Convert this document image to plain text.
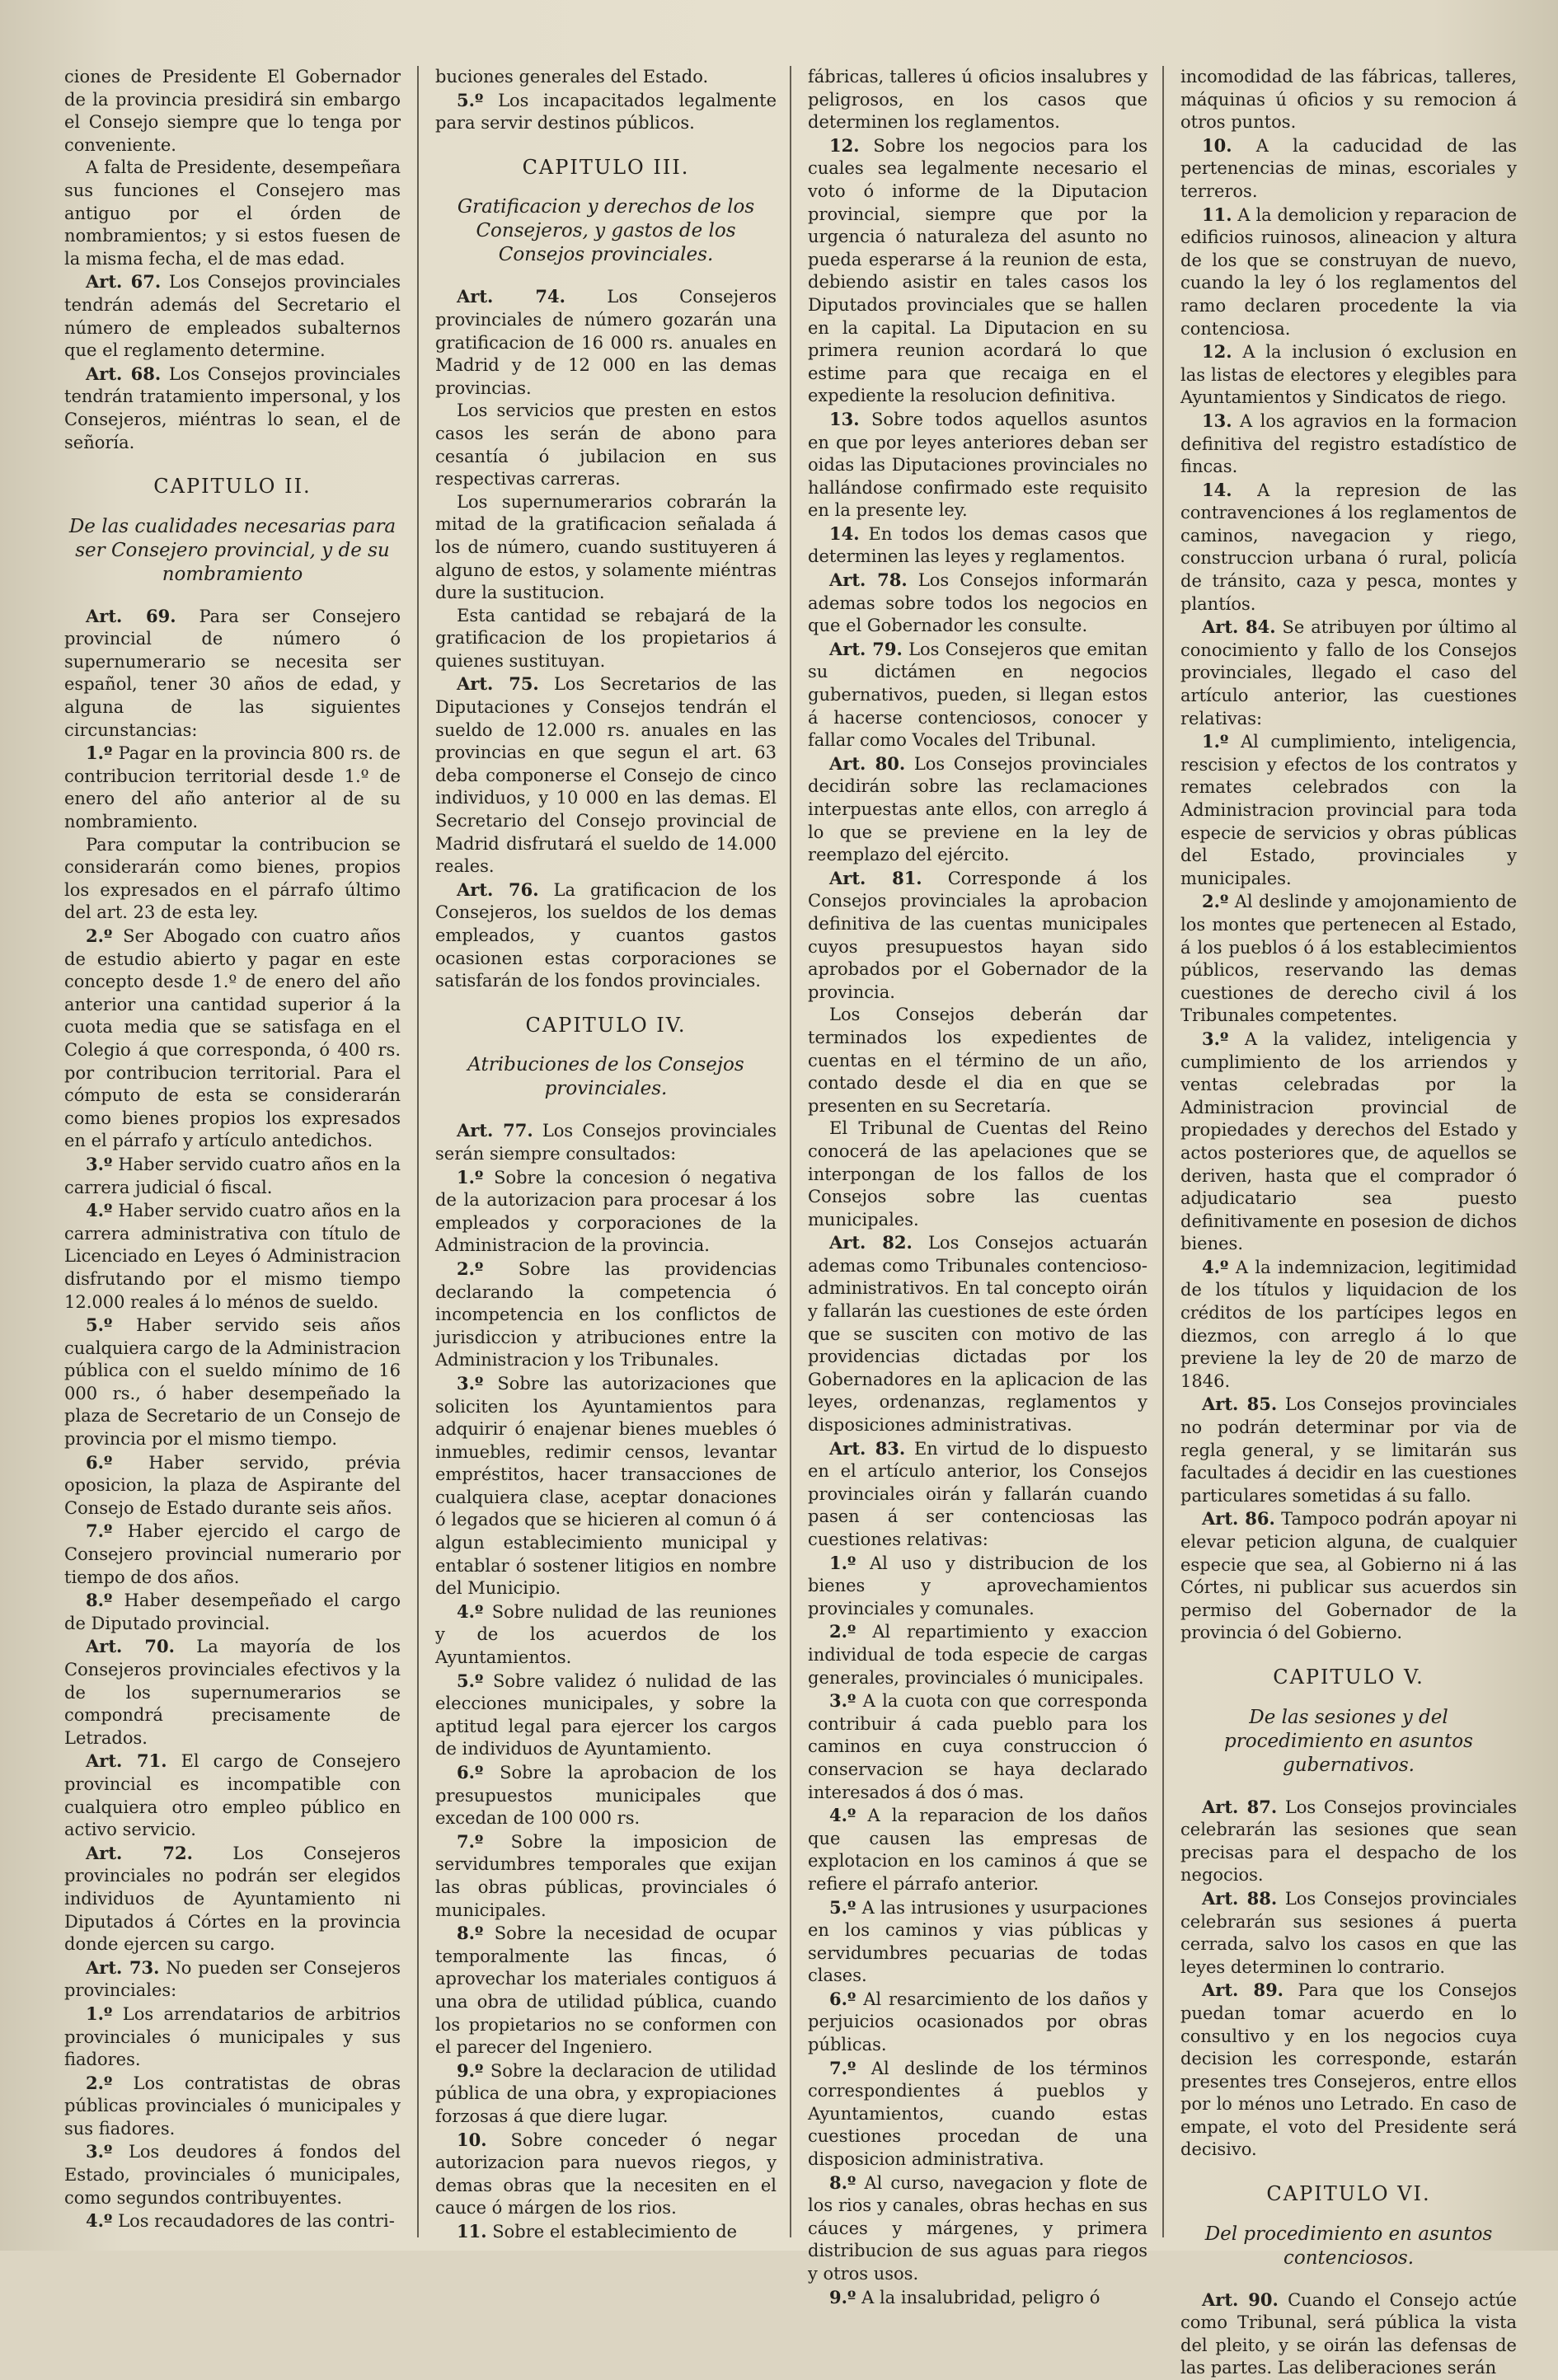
ciones de Presidente El Gobernador de la provincia presidirá sin embargo el Consejo siempre que lo tenga por conveniente.

A falta de Presidente, desempeñara sus funciones el Consejero mas antiguo por el órden de nombramientos; y si estos fuesen de la misma fecha, el de mas edad.

Art. 67. Los Consejos provinciales tendrán además del Secretario el número de empleados subalternos que el reglamento determine.

Art. 68. Los Consejos provinciales tendrán tratamiento impersonal, y los Consejeros, miéntras lo sean, el de señoría.

CAPITULO II.
De las cualidades necesarias para ser Consejero provincial, y de su nombramiento

Art. 69. Para ser Consejero provincial de número ó supernumerario se necesita ser español, tener 30 años de edad, y alguna de las siguientes circunstancias:

1.º Pagar en la provincia 800 rs. de contribucion territorial desde 1.º de enero del año anterior al de su nombramiento.

Para computar la contribucion se considerarán como bienes, propios los expresados en el párrafo último del art. 23 de esta ley.

2.º Ser Abogado con cuatro años de estudio abierto y pagar en este concepto desde 1.º de enero del año anterior una cantidad superior á la cuota media que se satisfaga en el Colegio á que corresponda, ó 400 rs. por contribucion territorial. Para el cómputo de esta se considerarán como bienes propios los expresados en el párrafo y artículo antedichos.

3.º Haber servido cuatro años en la carrera judicial ó fiscal.

4.º Haber servido cuatro años en la carrera administrativa con título de Licenciado en Leyes ó Administracion disfrutando por el mismo tiempo 12.000 reales á lo ménos de sueldo.

5.º Haber servido seis años cualquiera cargo de la Administracion pública con el sueldo mínimo de 16 000 rs., ó haber desempeñado la plaza de Secretario de un Consejo de provincia por el mismo tiempo.

6.º Haber servido, prévia oposicion, la plaza de Aspirante del Consejo de Estado durante seis años.

7.º Haber ejercido el cargo de Consejero provincial numerario por tiempo de dos años.

8.º Haber desempeñado el cargo de Diputado provincial.

Art. 70. La mayoría de los Consejeros provinciales efectivos y la de los supernumerarios se compondrá precisamente de Letrados.

Art. 71. El cargo de Consejero provincial es incompatible con cualquiera otro empleo público en activo servicio.

Art. 72. Los Consejeros provinciales no podrán ser elegidos individuos de Ayuntamiento ni Diputados á Córtes en la provincia donde ejercen su cargo.

Art. 73. No pueden ser Consejeros provinciales:

1.º Los arrendatarios de arbitrios provinciales ó municipales y sus fiadores.

2.º Los contratistas de obras públicas provinciales ó municipales y sus fiadores.

3.º Los deudores á fondos del Estado, provinciales ó municipales, como segundos contribuyentes.

4.º Los recaudadores de las contri-

buciones generales del Estado.

5.º Los incapacitados legalmente para servir destinos públicos.

CAPITULO III.
Gratificacion y derechos de los Consejeros, y gastos de los Consejos provinciales.

Art. 74. Los Consejeros provinciales de número gozarán una gratificacion de 16 000 rs. anuales en Madrid y de 12 000 en las demas provincias.

Los servicios que presten en estos casos les serán de abono para cesantía ó jubilacion en sus respectivas carreras.

Los supernumerarios cobrarán la mitad de la gratificacion señalada á los de número, cuando sustituyeren á alguno de estos, y solamente miéntras dure la sustitucion.

Esta cantidad se rebajará de la gratificacion de los propietarios á quienes sustituyan.

Art. 75. Los Secretarios de las Diputaciones y Consejos tendrán el sueldo de 12.000 rs. anuales en las provincias en que segun el art. 63 deba componerse el Consejo de cinco individuos, y 10 000 en las demas. El Secretario del Consejo provincial de Madrid disfrutará el sueldo de 14.000 reales.

Art. 76. La gratificacion de los Consejeros, los sueldos de los demas empleados, y cuantos gastos ocasionen estas corporaciones se satisfarán de los fondos provinciales.

CAPITULO IV.
Atribuciones de los Consejos provinciales.

Art. 77. Los Consejos provinciales serán siempre consultados:

1.º Sobre la concesion ó negativa de la autorizacion para procesar á los empleados y corporaciones de la Administracion de la provincia.

2.º Sobre las providencias declarando la competencia ó incompetencia en los conflictos de jurisdiccion y atribuciones entre la Administracion y los Tribunales.

3.º Sobre las autorizaciones que soliciten los Ayuntamientos para adquirir ó enajenar bienes muebles ó inmuebles, redimir censos, levantar empréstitos, hacer transacciones de cualquiera clase, aceptar donaciones ó legados que se hicieren al comun ó á algun establecimiento municipal y entablar ó sostener litigios en nombre del Municipio.

4.º Sobre nulidad de las reuniones y de los acuerdos de los Ayuntamientos.

5.º Sobre validez ó nulidad de las elecciones municipales, y sobre la aptitud legal para ejercer los cargos de individuos de Ayuntamiento.

6.º Sobre la aprobacion de los presupuestos municipales que excedan de 100 000 rs.

7.º Sobre la imposicion de servidumbres temporales que exijan las obras públicas, provinciales ó municipales.

8.º Sobre la necesidad de ocupar temporalmente las fincas, ó aprovechar los materiales contiguos á una obra de utilidad pública, cuando los propietarios no se conformen con el parecer del Ingeniero.

9.º Sobre la declaracion de utilidad pública de una obra, y expropiaciones forzosas á que diere lugar.

10. Sobre conceder ó negar autorizacion para nuevos riegos, y demas obras que la necesiten en el cauce ó márgen de los rios.

11. Sobre el establecimiento de

fábricas, talleres ú oficios insalubres y peligrosos, en los casos que determinen los reglamentos.

12. Sobre los negocios para los cuales sea legalmente necesario el voto ó informe de la Diputacion provincial, siempre que por la urgencia ó naturaleza del asunto no pueda esperarse á la reunion de esta, debiendo asistir en tales casos los Diputados provinciales que se hallen en la capital. La Diputacion en su primera reunion acordará lo que estime para que recaiga en el expediente la resolucion definitiva.

13. Sobre todos aquellos asuntos en que por leyes anteriores deban ser oidas las Diputaciones provinciales no hallándose confirmado este requisito en la presente ley.

14. En todos los demas casos que determinen las leyes y reglamentos.

Art. 78. Los Consejos informarán ademas sobre todos los negocios en que el Gobernador les consulte.

Art. 79. Los Consejeros que emitan su dictámen en negocios gubernativos, pueden, si llegan estos á hacerse contenciosos, conocer y fallar como Vocales del Tribunal.

Art. 80. Los Consejos provinciales decidirán sobre las reclamaciones interpuestas ante ellos, con arreglo á lo que se previene en la ley de reemplazo del ejército.

Art. 81. Corresponde á los Consejos provinciales la aprobacion definitiva de las cuentas municipales cuyos presupuestos hayan sido aprobados por el Gobernador de la provincia.

Los Consejos deberán dar terminados los expedientes de cuentas en el término de un año, contado desde el dia en que se presenten en su Secretaría.

El Tribunal de Cuentas del Reino conocerá de las apelaciones que se interpongan de los fallos de los Consejos sobre las cuentas municipales.

Art. 82. Los Consejos actuarán ademas como Tribunales contencioso-administrativos. En tal concepto oirán y fallarán las cuestiones de este órden que se susciten con motivo de las providencias dictadas por los Gobernadores en la aplicacion de las leyes, ordenanzas, reglamentos y disposiciones administrativas.

Art. 83. En virtud de lo dispuesto en el artículo anterior, los Consejos provinciales oirán y fallarán cuando pasen á ser contenciosas las cuestiones relativas:

1.º Al uso y distribucion de los bienes y aprovechamientos provinciales y comunales.

2.º Al repartimiento y exaccion individual de toda especie de cargas generales, provinciales ó municipales.

3.º A la cuota con que corresponda contribuir á cada pueblo para los caminos en cuya construccion ó conservacion se haya declarado interesados á dos ó mas.

4.º A la reparacion de los daños que causen las empresas de explotacion en los caminos á que se refiere el párrafo anterior.

5.º A las intrusiones y usurpaciones en los caminos y vias públicas y servidumbres pecuarias de todas clases.

6.º Al resarcimiento de los daños y perjuicios ocasionados por obras públicas.

7.º Al deslinde de los términos correspondientes á pueblos y Ayuntamientos, cuando estas cuestiones procedan de una disposicion administrativa.

8.º Al curso, navegacion y flote de los rios y canales, obras hechas en sus cáuces y márgenes, y primera distribucion de sus aguas para riegos y otros usos.

9.º A la insalubridad, peligro ó

incomodidad de las fábricas, talleres, máquinas ú oficios y su remocion á otros puntos.

10. A la caducidad de las pertenencias de minas, escoriales y terreros.

11. A la demolicion y reparacion de edificios ruinosos, alineacion y altura de los que se construyan de nuevo, cuando la ley ó los reglamentos del ramo declaren procedente la via contenciosa.

12. A la inclusion ó exclusion en las listas de electores y elegibles para Ayuntamientos y Sindicatos de riego.

13. A los agravios en la formacion definitiva del registro estadístico de fincas.

14. A la represion de las contravenciones á los reglamentos de caminos, navegacion y riego, construccion urbana ó rural, policía de tránsito, caza y pesca, montes y plantíos.

Art. 84. Se atribuyen por último al conocimiento y fallo de los Consejos provinciales, llegado el caso del artículo anterior, las cuestiones relativas:

1.º Al cumplimiento, inteligencia, rescision y efectos de los contratos y remates celebrados con la Administracion provincial para toda especie de servicios y obras públicas del Estado, provinciales y municipales.

2.º Al deslinde y amojonamiento de los montes que pertenecen al Estado, á los pueblos ó á los establecimientos públicos, reservando las demas cuestiones de derecho civil á los Tribunales competentes.

3.º A la validez, inteligencia y cumplimiento de los arriendos y ventas celebradas por la Administracion provincial de propiedades y derechos del Estado y actos posteriores que, de aquellos se deriven, hasta que el comprador ó adjudicatario sea puesto definitivamente en posesion de dichos bienes.

4.º A la indemnizacion, legitimidad de los títulos y liquidacion de los créditos de los partícipes legos en diezmos, con arreglo á lo que previene la ley de 20 de marzo de 1846.

Art. 85. Los Consejos provinciales no podrán determinar por via de regla general, y se limitarán sus facultades á decidir en las cuestiones particulares sometidas á su fallo.

Art. 86. Tampoco podrán apoyar ni elevar peticion alguna, de cualquier especie que sea, al Gobierno ni á las Córtes, ni publicar sus acuerdos sin permiso del Gobernador de la provincia ó del Gobierno.

CAPITULO V.
De las sesiones y del procedimiento en asuntos gubernativos.

Art. 87. Los Consejos provinciales celebrarán las sesiones que sean precisas para el despacho de los negocios.

Art. 88. Los Consejos provinciales celebrarán sus sesiones á puerta cerrada, salvo los casos en que las leyes determinen lo contrario.

Art. 89. Para que los Consejos puedan tomar acuerdo en lo consultivo y en los negocios cuya decision les corresponde, estarán presentes tres Consejeros, entre ellos por lo ménos uno Letrado. En caso de empate, el voto del Presidente será decisivo.

CAPITULO VI.
Del procedimiento en asuntos contenciosos.

Art. 90. Cuando el Consejo actúe como Tribunal, será pública la vista del pleito, y se oirán las defensas de las partes. Las deliberaciones serán
